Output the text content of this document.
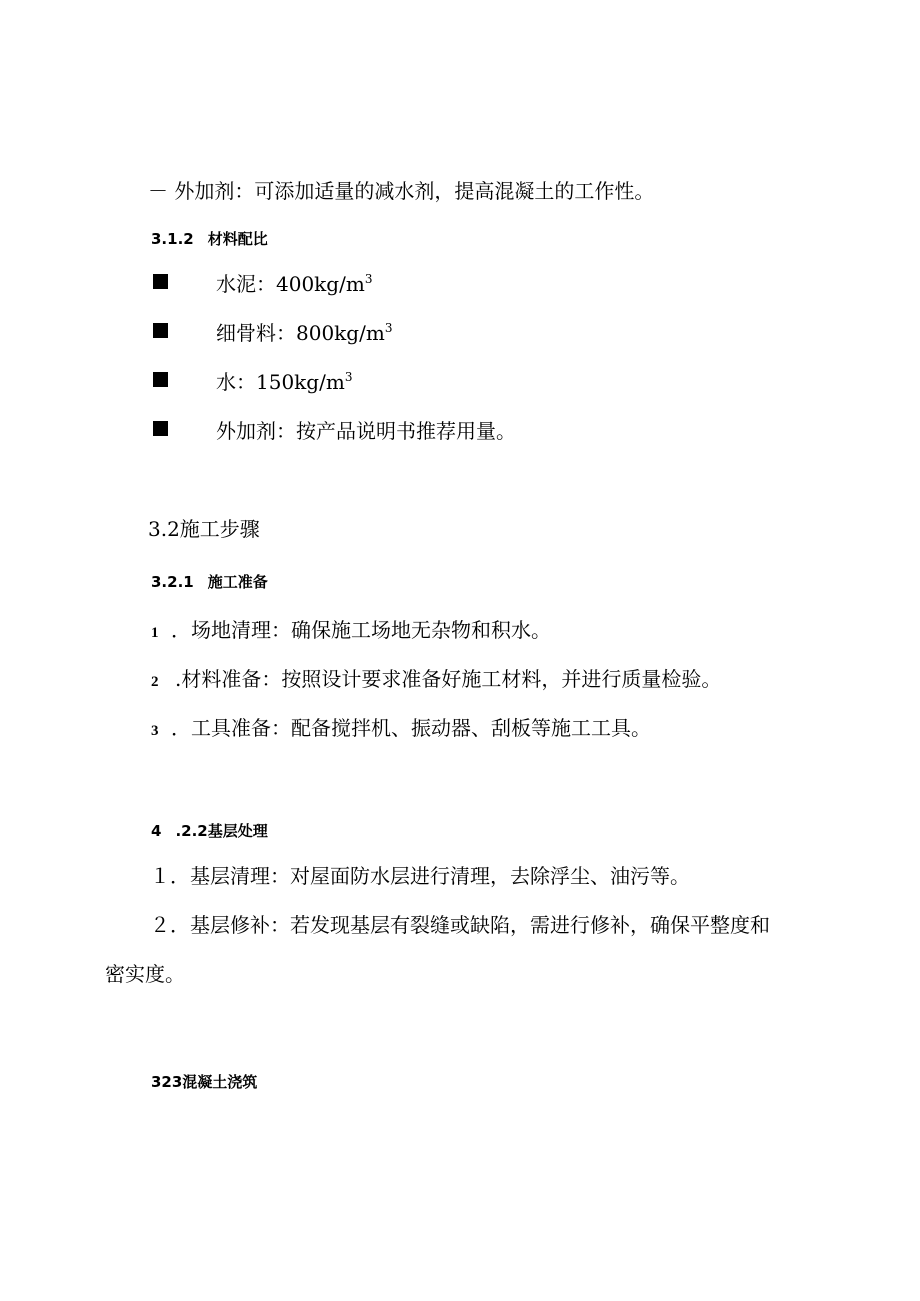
－ 外加剂：可添加适量的减水剂，提高混凝土的工作性。
3.1.2 材料配比
水泥：$400kg∕m^3$
细骨料：$800kg∕m^3$
水：$150kg∕m^3$
外加剂：按产品说明书推荐用量。
3.2施工步骤
3.2.1 施工准备
1 ．场地清理：确保施工场地无杂物和积水。
2 .材料准备：按照设计要求准备好施工材料，并进行质量检验。
3 ．工具准备：配备搅拌机、振动器、刮板等施工工具。
4 .2.2基层处理
１．基层清理：对屋面防水层进行清理，去除浮尘、油污等。
２．基层修补：若发现基层有裂缝或缺陷，需进行修补，确保平整度和
密实度。
323混凝土浇筑
